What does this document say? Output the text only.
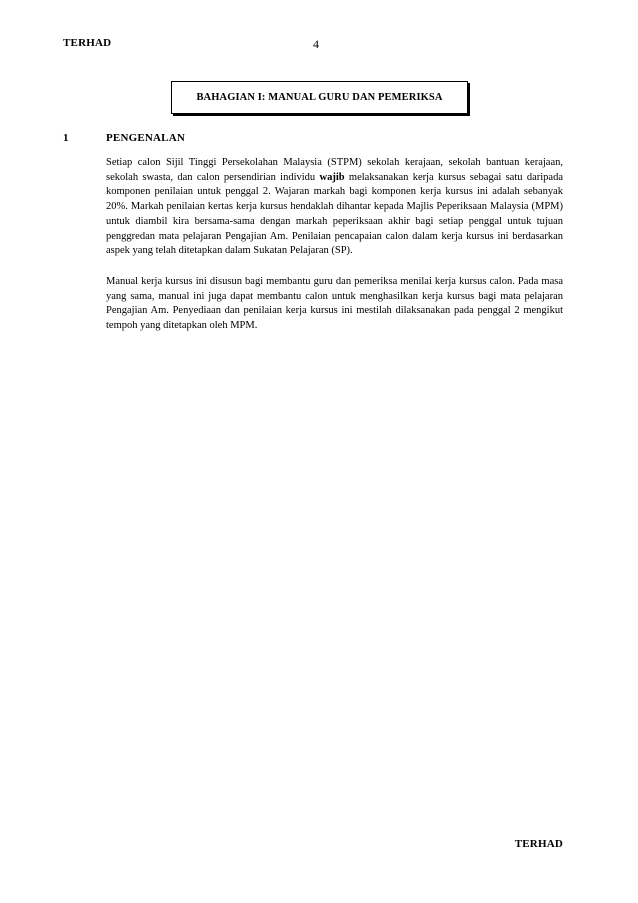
TERHAD	4
BAHAGIAN I: MANUAL GURU DAN PEMERIKSA
1	PENGENALAN

Setiap calon Sijil Tinggi Persekolahan Malaysia (STPM) sekolah kerajaan, sekolah bantuan kerajaan, sekolah swasta, dan calon persendirian individu wajib melaksanakan kerja kursus sebagai satu daripada komponen penilaian untuk penggal 2. Wajaran markah bagi komponen kerja kursus ini adalah sebanyak 20%. Markah penilaian kertas kerja kursus hendaklah dihantar kepada Majlis Peperiksaan Malaysia (MPM) untuk diambil kira bersama-sama dengan markah peperiksaan akhir bagi setiap penggal untuk tujuan penggredan mata pelajaran Pengajian Am. Penilaian pencapaian calon dalam kerja kursus ini berdasarkan aspek yang telah ditetapkan dalam Sukatan Pelajaran (SP).

Manual kerja kursus ini disusun bagi membantu guru dan pemeriksa menilai kerja kursus calon. Pada masa yang sama, manual ini juga dapat membantu calon untuk menghasilkan kerja kursus bagi mata pelajaran Pengajian Am. Penyediaan dan penilaian kerja kursus ini mestilah dilaksanakan pada penggal 2 mengikut tempoh yang ditetapkan oleh MPM.

TERHAD
